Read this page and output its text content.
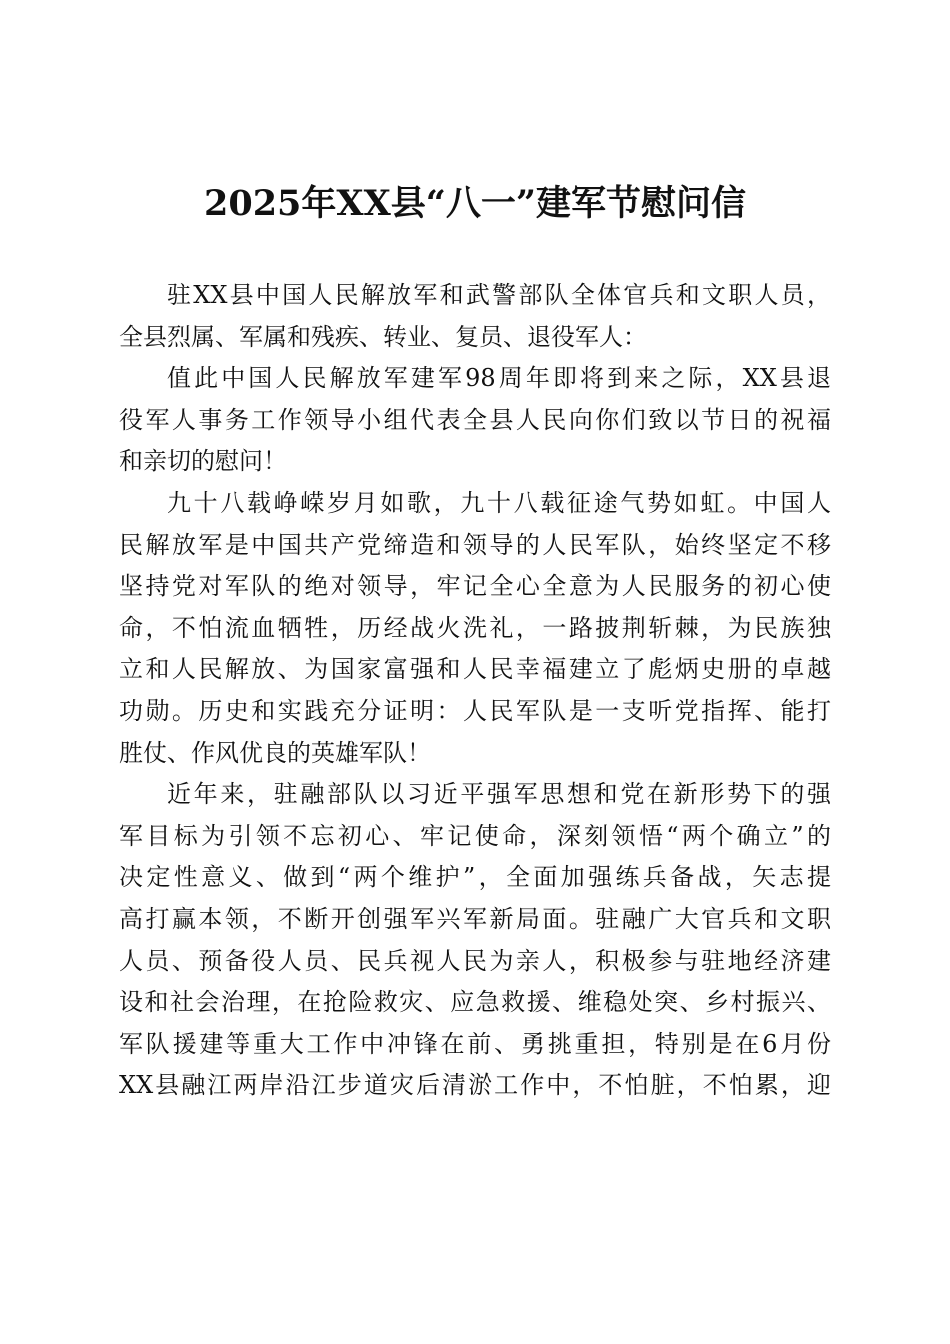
2025年XX县“八一”建军节慰问信
驻XX县中国人民解放军和武警部队全体官兵和文职人员，
全县烈属、军属和残疾、转业、复员、退役军人：
值此中国人民解放军建军98周年即将到来之际，XX县退
役军人事务工作领导小组代表全县人民向你们致以节日的祝福
和亲切的慰问！
九十八载峥嵘岁月如歌，九十八载征途气势如虹。中国人
民解放军是中国共产党缔造和领导的人民军队，始终坚定不移
坚持党对军队的绝对领导，牢记全心全意为人民服务的初心使
命，不怕流血牺牲，历经战火洗礼，一路披荆斩棘，为民族独
立和人民解放、为国家富强和人民幸福建立了彪炳史册的卓越
功勋。历史和实践充分证明：人民军队是一支听党指挥、能打
胜仗、作风优良的英雄军队！
近年来，驻融部队以习近平强军思想和党在新形势下的强
军目标为引领不忘初心、牢记使命，深刻领悟“两个确立”的
决定性意义、做到“两个维护”，全面加强练兵备战，矢志提
高打赢本领，不断开创强军兴军新局面。驻融广大官兵和文职
人员、预备役人员、民兵视人民为亲人，积极参与驻地经济建
设和社会治理，在抢险救灾、应急救援、维稳处突、乡村振兴、
军队援建等重大工作中冲锋在前、勇挑重担，特别是在6月份
XX县融江两岸沿江步道灾后清淤工作中，不怕脏，不怕累，迎
